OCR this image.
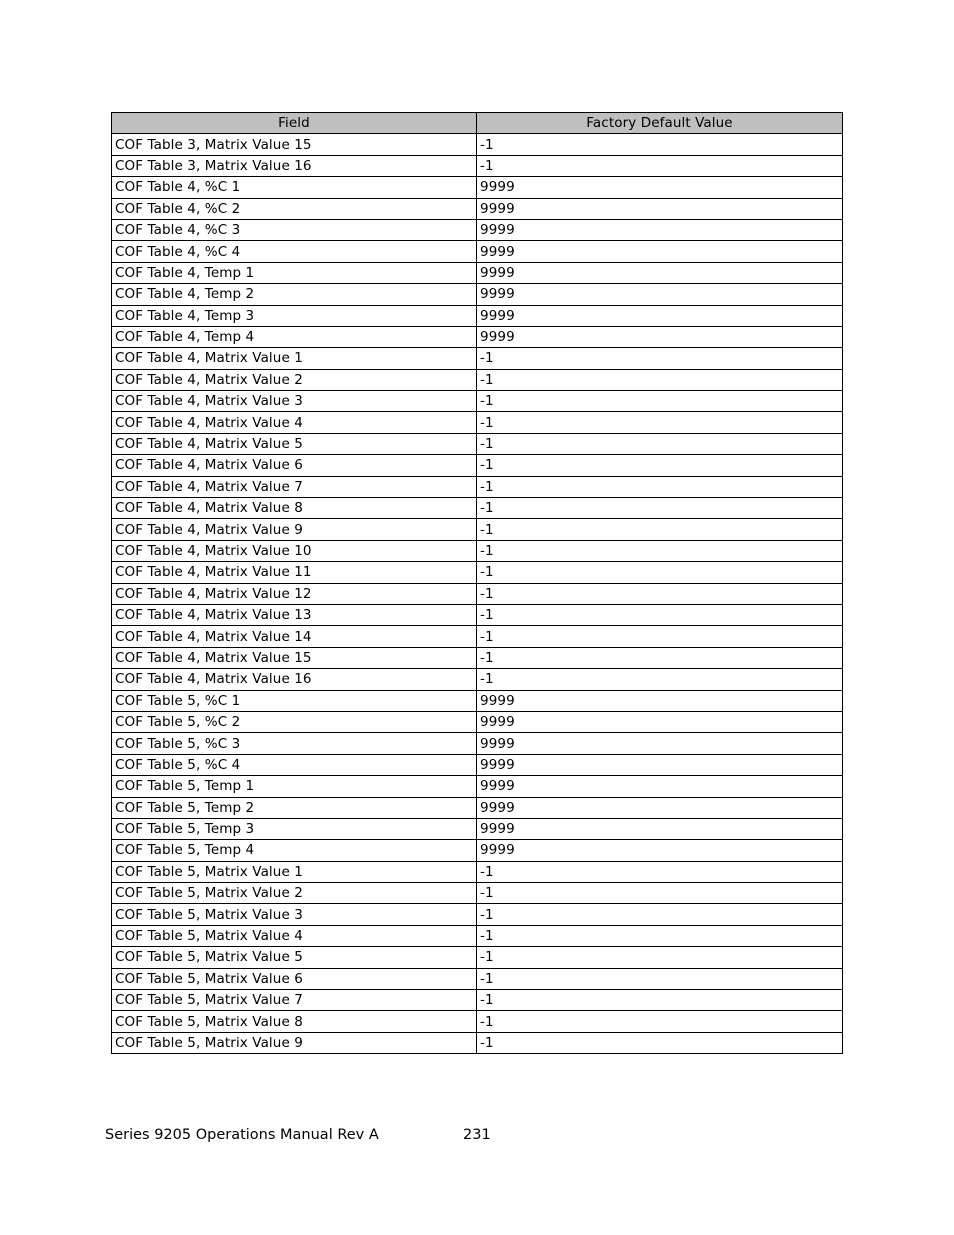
Field	Factory Default Value
COF Table 3, Matrix Value 15	-1
COF Table 3, Matrix Value 16	-1
COF Table 4, %C 1	9999
COF Table 4, %C 2	9999
COF Table 4, %C 3	9999
COF Table 4, %C 4	9999
COF Table 4, Temp 1	9999
COF Table 4, Temp 2	9999
COF Table 4, Temp 3	9999
COF Table 4, Temp 4	9999
COF Table 4, Matrix Value 1	-1
COF Table 4, Matrix Value 2	-1
COF Table 4, Matrix Value 3	-1
COF Table 4, Matrix Value 4	-1
COF Table 4, Matrix Value 5	-1
COF Table 4, Matrix Value 6	-1
COF Table 4, Matrix Value 7	-1
COF Table 4, Matrix Value 8	-1
COF Table 4, Matrix Value 9	-1
COF Table 4, Matrix Value 10	-1
COF Table 4, Matrix Value 11	-1
COF Table 4, Matrix Value 12	-1
COF Table 4, Matrix Value 13	-1
COF Table 4, Matrix Value 14	-1
COF Table 4, Matrix Value 15	-1
COF Table 4, Matrix Value 16	-1
COF Table 5, %C 1	9999
COF Table 5, %C 2	9999
COF Table 5, %C 3	9999
COF Table 5, %C 4	9999
COF Table 5, Temp 1	9999
COF Table 5, Temp 2	9999
COF Table 5, Temp 3	9999
COF Table 5, Temp 4	9999
COF Table 5, Matrix Value 1	-1
COF Table 5, Matrix Value 2	-1
COF Table 5, Matrix Value 3	-1
COF Table 5, Matrix Value 4	-1
COF Table 5, Matrix Value 5	-1
COF Table 5, Matrix Value 6	-1
COF Table 5, Matrix Value 7	-1
COF Table 5, Matrix Value 8	-1
COF Table 5, Matrix Value 9	-1
Series 9205 Operations Manual Rev A	231
